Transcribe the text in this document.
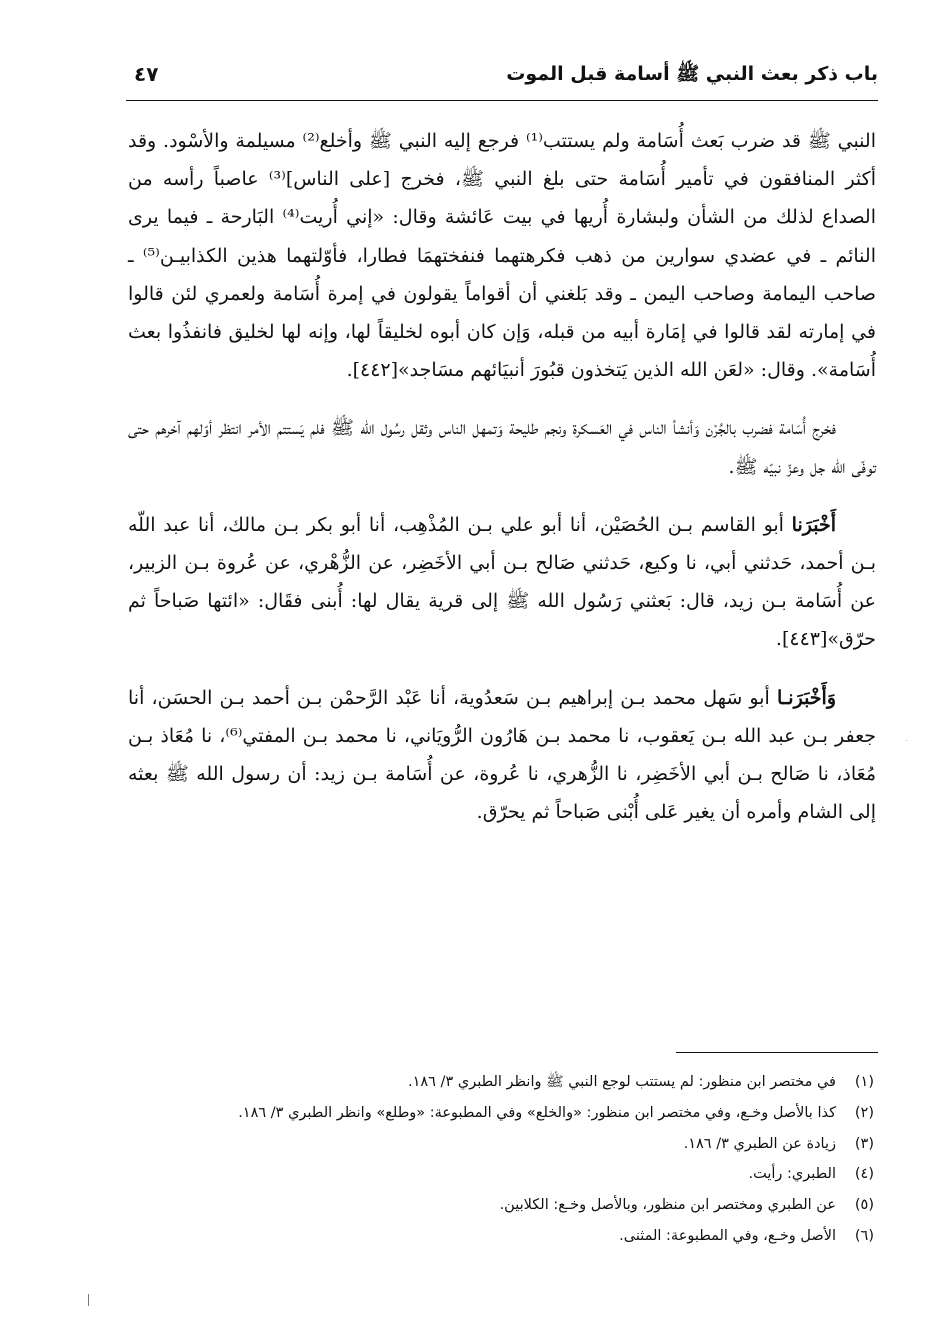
باب ذكر بعث النبي ﷺ أسامة قبل الموت
٤٧

النبي ﷺ قد ضرب بَعث أُسَامة ولم يستتب⁽¹⁾ فرجع إليه النبي ﷺ وأخلع⁽²⁾ مسيلمة والأسْود. وقد أكثر المنافقون في تأمير أُسَامة حتى بلغ النبي ﷺ، فخرج [على الناس]⁽³⁾ عاصباً رأسه من الصداع لذلك من الشأن ولبشارة أُريها في بيت عَائشة وقال: «إني أُريت⁽⁴⁾ البَارحة ـ فيما يرى النائم ـ في عضدي سوارين من ذهب فكرهتهما فنفختهمَا فطارا، فأوّلتهما هذين الكذابيـن⁽⁵⁾ ـ صاحب اليمامة وصاحب اليمن ـ وقد بَلغني أن أقواماً يقولون في إمرة أُسَامة ولعمري لئن قالوا في إمارته لقد قالوا في إمَارة أبيه من قبله، وَإن كان أبوه لخليقاً لها، وإنه لها لخليق فانفذُوا بعث أُسَامة». وقال: «لعَن الله الذين يَتخذون قبُورَ أنبيَائهم مسَاجد»[٤٤٢].

فخرج أُسَامة فضرب بالجُرْن وَأنشأ الناس في العَسكرة ونجم طليحة وَتمهل الناس وثقل رسُول الله ﷺ فلم يَستتم الأمر انتظر أوّلهم آخرهم حتى توفّى الله جل وعزّ نبيّه ﷺ.

أَخْبَرَنا أبو القاسم بـن الحُصَيْن، أنا أبو علي بـن المُذْهِب، أنا أبو بكر بـن مالك، أنا عبد اللّه بـن أحمد، حَدثني أبي، نا وكيع، حَدثني صَالح بـن أبي الأخَضِر، عن الزُّهْري، عن عُروة بـن الزبير، عن أُسَامة بـن زيد، قال: بَعثني رَسُول الله ﷺ إلى قرية يقال لها: أُبنى فقَال: «ائتها صَباحاً ثم حرّق»[٤٤٣].

وَأَخْبَرَنـا أبو سَهل محمد بـن إبراهيم بـن سَعدُوية، أنا عَبْد الرَّحمْن بـن أحمد بـن الحسَن، أنا جعفر بـن عبد الله بـن يَعقوب، نا محمد بـن هَارُون الرُّويَاني، نا محمد بـن المفتي⁽⁶⁾، نا مُعَاذ بـن مُعَاذ، نا صَالح بـن أبي الأخَضِر، نا الزُّهري، نا عُروة، عن أُسَامة بـن زيد: أن رسول الله ﷺ بعثه إلى الشام وأمره أن يغير عَلى أُبْنى صَباحاً ثم يحرّق.

(١)
في مختصر ابن منظور: لم يستتب لوجع النبي ﷺ وانظر الطبري ٣/ ١٨٦.
(٢)
كذا بالأصل وخـع، وفي مختصر ابن منظور: «والخلع» وفي المطبوعة: «وطلع» وانظر الطبري ٣/ ١٨٦.
(٣)
زيادة عن الطبري ٣/ ١٨٦.
(٤)
الطبري: رأيت.
(٥)
عن الطبري ومختصر ابن منظور، وبالأصل وخـع: الكلابين.
(٦)
الأصل وخـع، وفي المطبوعة: المثنى.
